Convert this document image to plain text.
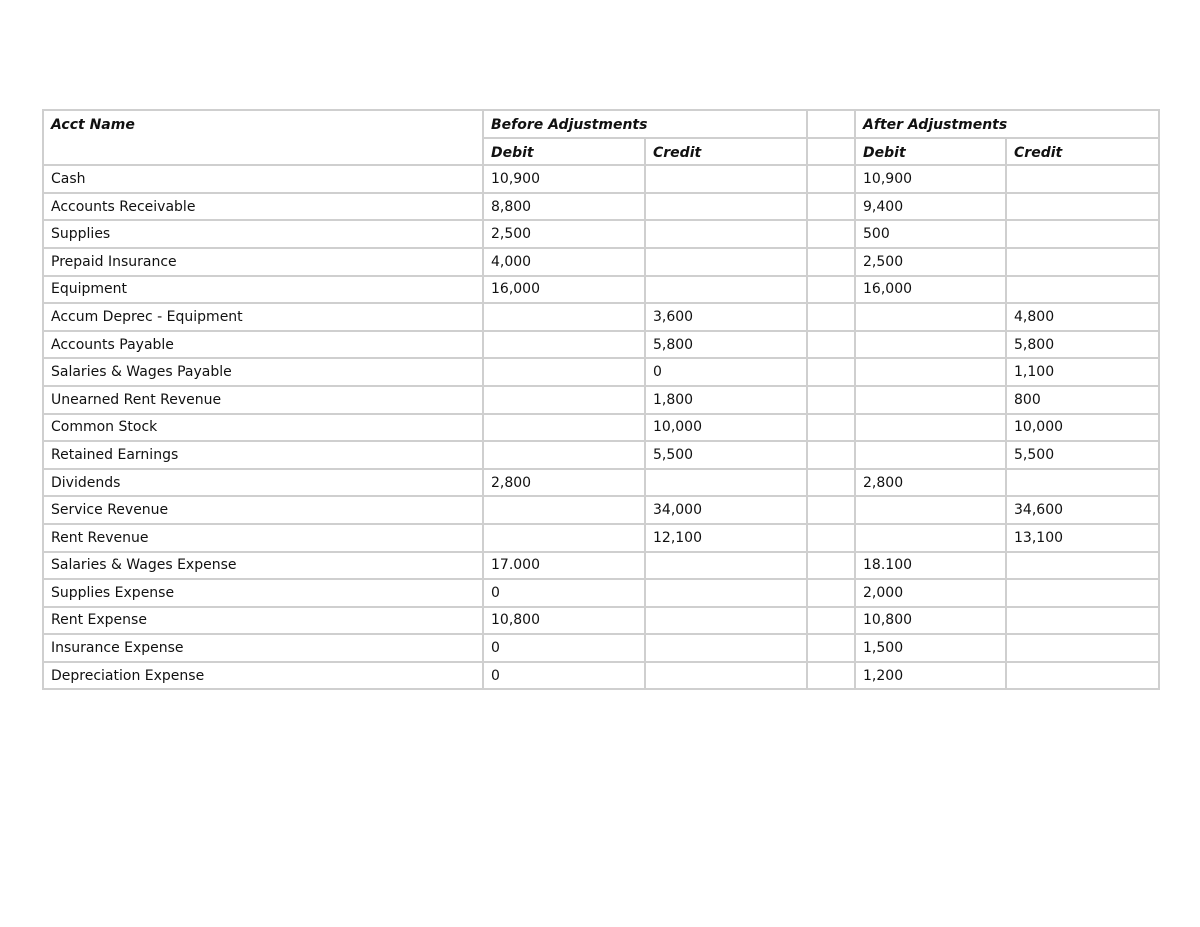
Acct Name	Before Adjustments			After Adjustments	
	Debit	Credit		Debit	Credit
Cash	10,900			10,900	
Accounts Receivable	8,800			9,400	
Supplies	2,500			500	
Prepaid Insurance	4,000			2,500	
Equipment	16,000			16,000	
Accum Deprec - Equipment		3,600			4,800
Accounts Payable		5,800			5,800
Salaries & Wages Payable		0			1,100
Unearned Rent Revenue		1,800			800
Common Stock		10,000			10,000
Retained Earnings		5,500			5,500
Dividends	2,800			2,800	
Service Revenue		34,000			34,600
Rent Revenue		12,100			13,100
Salaries & Wages Expense	17.000			18.100	
Supplies Expense	0			2,000	
Rent Expense	10,800			10,800	
Insurance Expense	0			1,500	
Depreciation Expense	0			1,200	
